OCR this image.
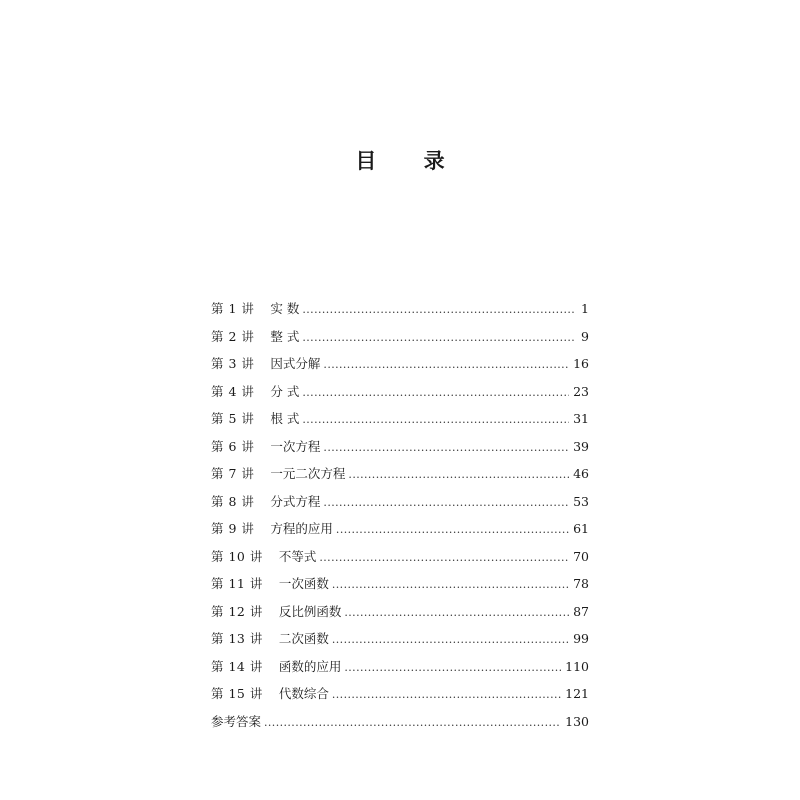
目 录
第 1 讲 实 数 ·····	1
第 2 讲 整 式 ·····	9
第 3 讲 因式分解 ·····	16
第 4 讲 分 式 ·····	23
第 5 讲 根 式 ·····	31
第 6 讲 一次方程 ·····	39
第 7 讲 一元二次方程 ·····	46
第 8 讲 分式方程 ·····	53
第 9 讲 方程的应用 ·····	61
第 10 讲 不等式 ·····	70
第 11 讲 一次函数 ·····	78
第 12 讲 反比例函数 ·····	87
第 13 讲 二次函数 ·····	99
第 14 讲 函数的应用 ·····	110
第 15 讲 代数综合 ·····	121
参考答案 ·····	130
